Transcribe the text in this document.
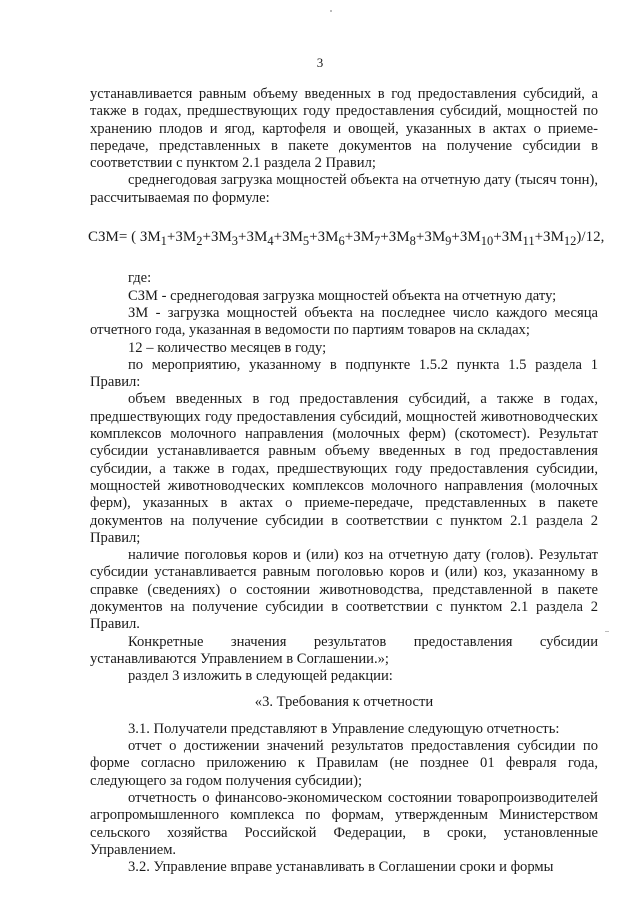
3

устанавливается равным объему введенных в год предоставления субсидий, а также в годах, предшествующих году предоставления субсидий, мощностей по хранению плодов и ягод, картофеля и овощей, указанных в актах о приеме-передаче, представленных в пакете документов на получение субсидии в соответствии с пунктом 2.1 раздела 2 Правил;

среднегодовая загрузка мощностей объекта на отчетную дату (тысяч тонн), рассчитываемая по формуле:

СЗМ= ( $ЗМ_1+ЗМ_2+ЗМ_3+ЗМ_4+ЗМ_5+ЗМ_6+ЗМ_7+ЗМ_8+ЗМ_9+ЗМ_{10}+ЗМ_{11}+ЗМ_{12})/12$,

где:

СЗМ - среднегодовая загрузка мощностей объекта на отчетную дату;

ЗМ - загрузка мощностей объекта на последнее число каждого месяца отчетного года, указанная в ведомости по партиям товаров на складах;

12 – количество месяцев в году;

по мероприятию, указанному в подпункте 1.5.2 пункта 1.5 раздела 1 Правил:

объем введенных в год предоставления субсидий, а также в годах, предшествующих году предоставления субсидий, мощностей животноводческих комплексов молочного направления (молочных ферм) (скотомест). Результат субсидии устанавливается равным объему введенных в год предоставления субсидии, а также в годах, предшествующих году предоставления субсидии, мощностей животноводческих комплексов молочного направления (молочных ферм), указанных в актах о приеме-передаче, представленных в пакете документов на получение субсидии в соответствии с пунктом 2.1 раздела 2 Правил;

наличие поголовья коров и (или) коз на отчетную дату (голов). Результат субсидии устанавливается равным поголовью коров и (или) коз, указанному в справке (сведениях) о состоянии животноводства, представленной в пакете документов на получение субсидии в соответствии с пунктом 2.1 раздела 2 Правил.

Конкретные значения результатов предоставления субсидии устанавливаются Управлением в Соглашении.»;

раздел 3 изложить в следующей редакции:

«3. Требования к отчетности

3.1. Получатели представляют в Управление следующую отчетность:

отчет о достижении значений результатов предоставления субсидии по форме согласно приложению к Правилам (не позднее 01 февраля года, следующего за годом получения субсидии);

отчетность о финансово-экономическом состоянии товаропроизводителей агропромышленного комплекса по формам, утвержденным Министерством сельского хозяйства Российской Федерации, в сроки, установленные Управлением.

3.2. Управление вправе устанавливать в Соглашении сроки и формы
